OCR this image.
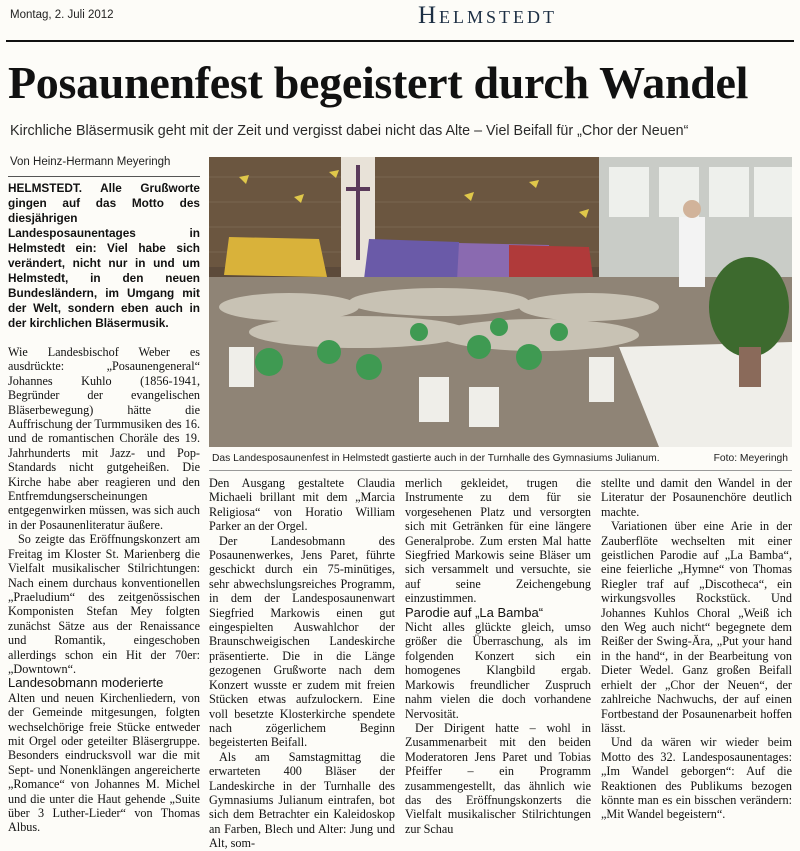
Montag, 2. Juli 2012	Helmstedt
Posaunenfest begeistert durch Wandel
Kirchliche Bläsermusik geht mit der Zeit und vergisst dabei nicht das Alte – Viel Beifall für „Chor der Neuen“
Von Heinz-Hermann Meyeringh

HELMSTEDT. Alle Grußworte gingen auf das Motto des diesjährigen Landesposaunentages in Helmstedt ein: Viel habe sich verändert, nicht nur in und um Helmstedt, in den neuen Bundesländern, im Umgang mit der Welt, sondern eben auch in der kirchlichen Bläsermusik.

Wie Landesbischof Weber es ausdrückte: „Posaunengeneral“ Johannes Kuhlo (1856-1941, Begründer der evangelischen Bläserbewegung) hätte die Auffrischung der Turmmusiken des 16. und de romantischen Choräle des 19. Jahrhunderts mit Jazz- und Pop-Standards nicht gutgeheißen. Die Kirche habe aber reagieren und den Entfremdungserscheinungen entgegenwirken müssen, was sich auch in der Posaunenliteratur äußere.

So zeigte das Eröffnungskonzert am Freitag im Kloster St. Marienberg die Vielfalt musikalischer Stilrichtungen: Nach einem durchaus konventionellen „Praeludium“ des zeitgenössischen Komponisten Stefan Mey folgten zunächst Sätze aus der Renaissance und Romantik, eingeschoben allerdings schon ein Hit der 70er: „Downtown“.

Landesobmann moderierte

Alten und neuen Kirchenliedern, von der Gemeinde mitgesungen, folgten wechselchörige freie Stücke entweder mit Orgel oder geteilter Bläsergruppe. Besonders eindrucksvoll war die mit Sept- und Nonenklängen angereicherte „Romance“ von Johannes M. Michel und die unter die Haut gehende „Suite über 3 Luther-Lieder“ von Thomas Albus.

Das Landesposaunenfest in Helmstedt gastierte auch in der Turnhalle des Gymnasiums Julianum.	Foto: Meyeringh

Den Ausgang gestaltete Claudia Michaeli brillant mit dem „Marcia Religiosa“ von Horatio William Parker an der Orgel.

Der Landesobmann des Posaunenwerkes, Jens Paret, führte geschickt durch ein 75-minütiges, sehr abwechslungsreiches Programm, in dem der Landesposaunenwart Siegfried Markowis einen gut eingespielten Auswahlchor der Braunschweigischen Landeskirche präsentierte. Die in die Länge gezogenen Grußworte nach dem Konzert wusste er zudem mit freien Stücken etwas aufzulockern. Eine voll besetzte Klosterkirche spendete nach zögerlichem Beginn begeisterten Beifall.

Als am Samstagmittag die erwarteten 400 Bläser der Landeskirche in der Turnhalle des Gymnasiums Julianum eintrafen, bot sich dem Betrachter ein Kaleidoskop an Farben, Blech und Alter: Jung und Alt, som-

merlich gekleidet, trugen die Instrumente zu dem für sie vorgesehenen Platz und versorgten sich mit Getränken für eine längere Generalprobe. Zum ersten Mal hatte Siegfried Markowis seine Bläser um sich versammelt und versuchte, sie auf seine Zeichengebung einzustimmen.

Parodie auf „La Bamba“

Nicht alles glückte gleich, umso größer die Überraschung, als im folgenden Konzert sich ein homogenes Klangbild ergab. Markowis freundlicher Zuspruch nahm vielen die doch vorhandene Nervosität.

Der Dirigent hatte – wohl in Zusammenarbeit mit den beiden Moderatoren Jens Paret und Tobias Pfeiffer – ein Programm zusammengestellt, das ähnlich wie das des Eröffnungskonzerts die Vielfalt musikalischer Stilrichtungen zur Schau

stellte und damit den Wandel in der Literatur der Posaunenchöre deutlich machte.

Variationen über eine Arie in der Zauberflöte wechselten mit einer geistlichen Parodie auf „La Bamba“, eine feierliche „Hymne“ von Thomas Riegler traf auf „Discotheca“, ein wirkungsvolles Rockstück. Und Johannes Kuhlos Choral „Weiß ich den Weg auch nicht“ begegnete dem Reißer der Swing-Ära, „Put your hand in the hand“, in der Bearbeitung von Dieter Wedel. Ganz großen Beifall erhielt der „Chor der Neuen“, der zahlreiche Nachwuchs, der auf einen Fortbestand der Posaunenarbeit hoffen lässt.

Und da wären wir wieder beim Motto des 32. Landesposaunentages: „Im Wandel geborgen“: Auf die Reaktionen des Publikums bezogen könnte man es ein bisschen verändern: „Mit Wandel begeistern“.
